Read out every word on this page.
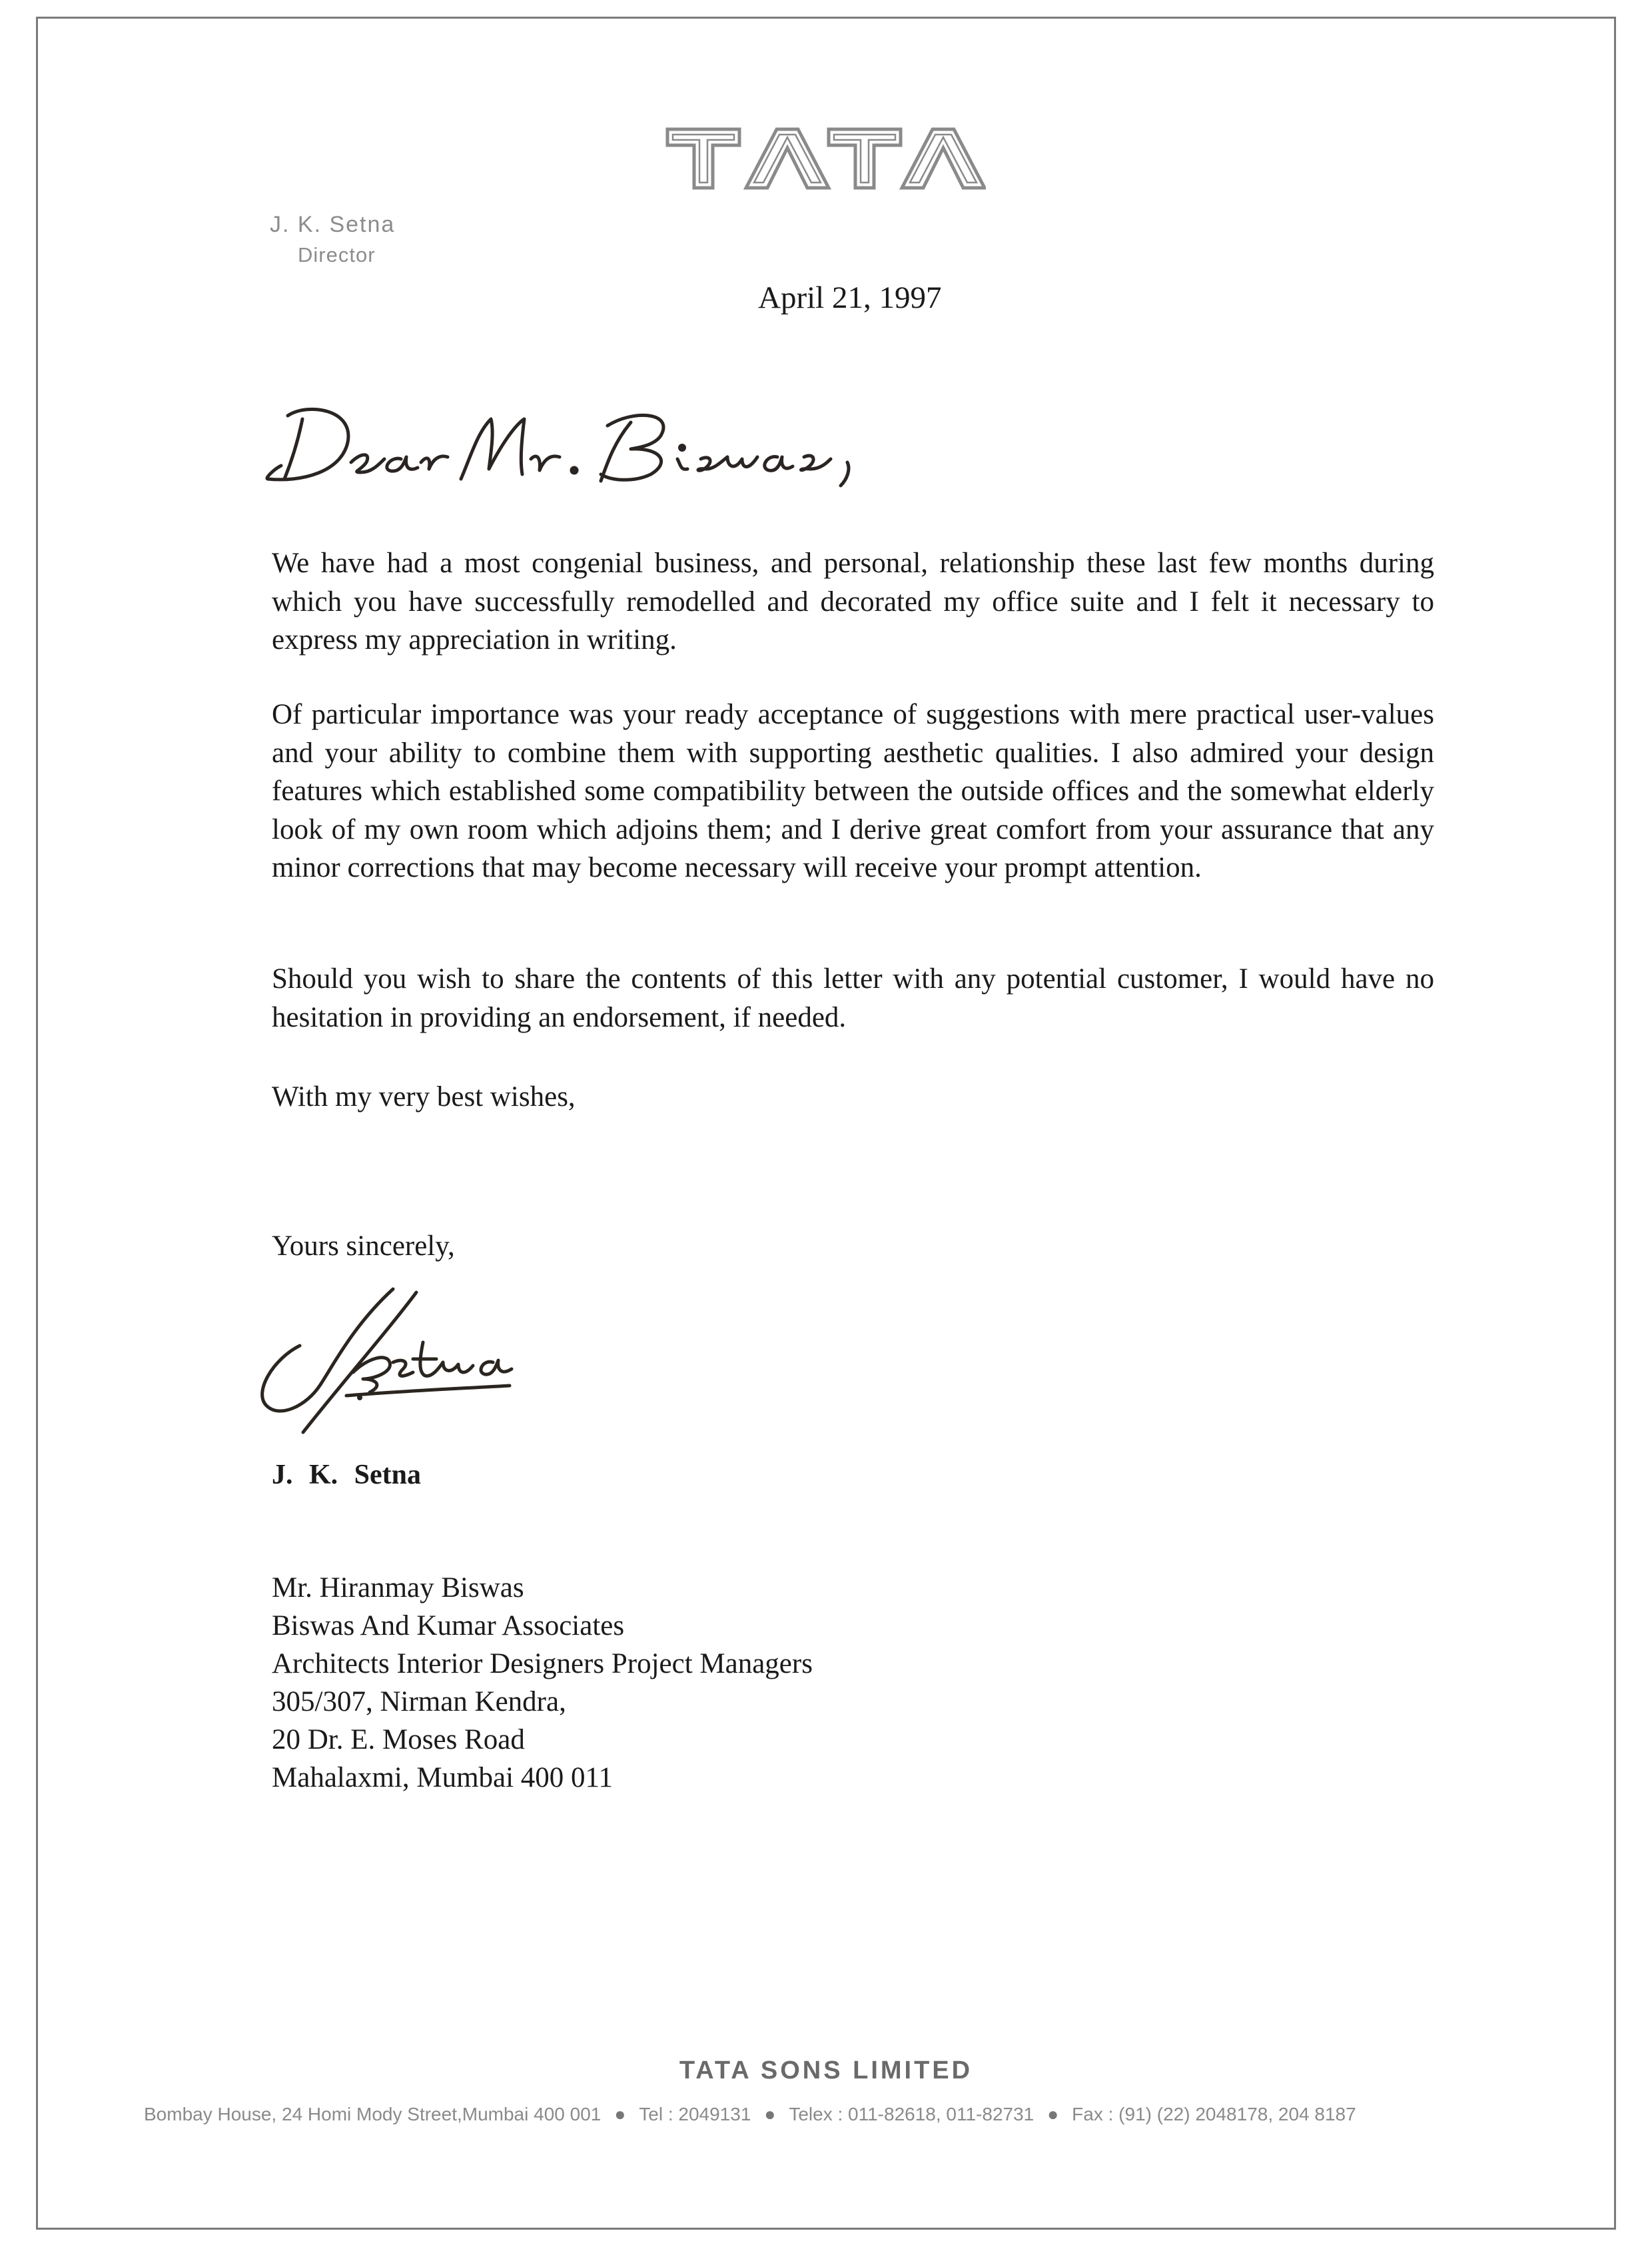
J. K. Setna
Director
April 21, 1997

We have had a most congenial business, and personal, relationship these last few months during which you have successfully remodelled and decorated my office suite and I felt it necessary to express my appreciation in writing.

Of particular importance was your ready acceptance of suggestions with mere practical user-values and your ability to combine them with supporting aesthetic qualities. I also admired your design features which established some compatibility between the outside offices and the somewhat elderly look of my own room which adjoins them; and I derive great comfort from your assurance that any minor corrections that may become necessary will receive your prompt attention.

Should you wish to share the contents of this letter with any potential customer, I would have no hesitation in providing an endorsement, if needed.

With my very best wishes,
Yours sincerely,
J. K. Setna
Mr. Hiranmay Biswas
Biswas And Kumar Associates
Architects Interior Designers Project Managers
305/307, Nirman Kendra,
20 Dr. E. Moses Road
Mahalaxmi, Mumbai 400 011
TATA SONS LIMITED
Bombay House, 24 Homi Mody Street,Mumbai 400 001 ● Tel : 2049131 ● Telex : 011-82618, 011-82731 ● Fax : (91) (22) 2048178, 204 8187
